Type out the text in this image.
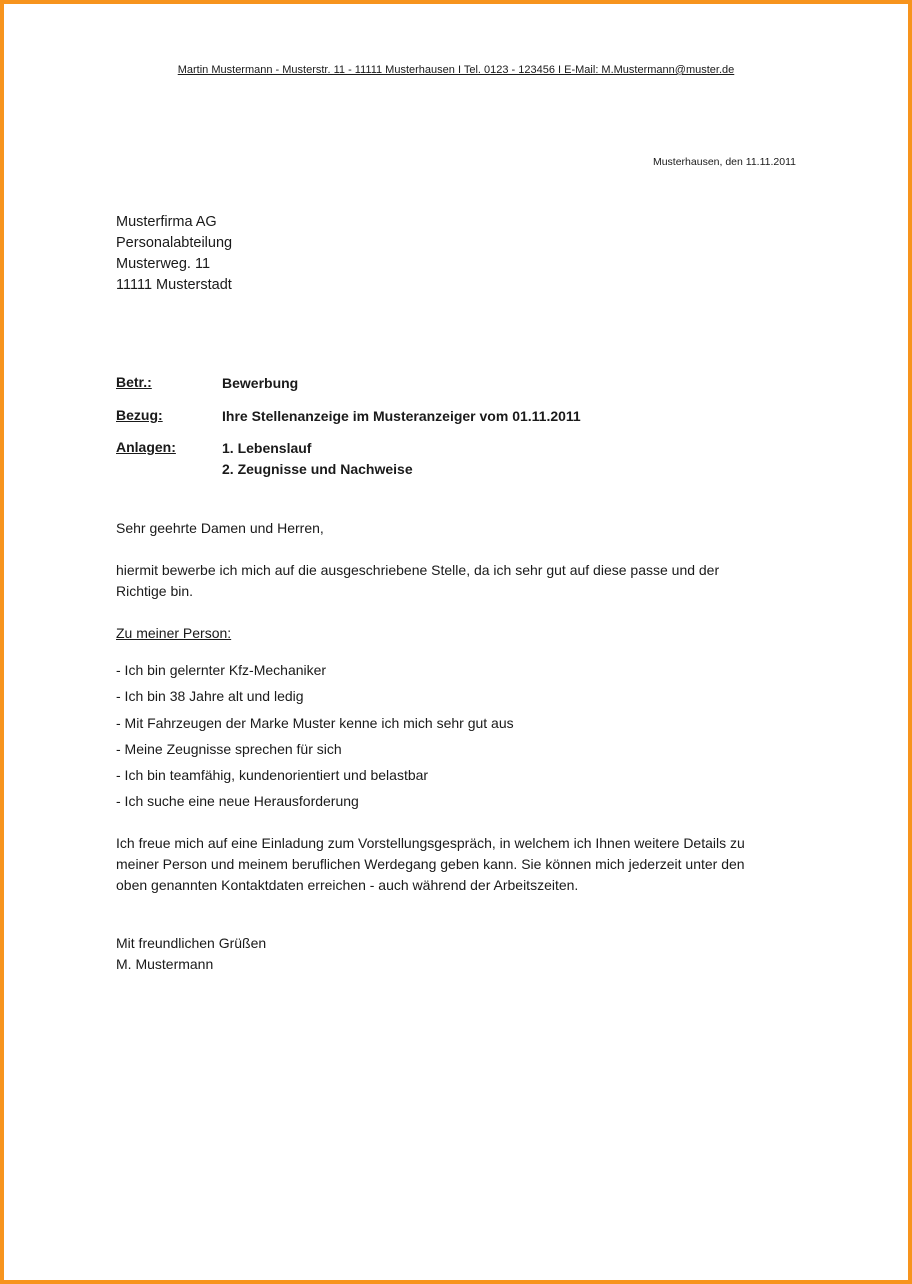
Martin Mustermann - Musterstr. 11 - 11111 Musterhausen I Tel. 0123 - 123456 I E-Mail: M.Mustermann@muster.de
Musterhausen, den 11.11.2011
Musterfirma AG
Personalabteilung
Musterweg. 11
11111 Musterstadt
Betr.:	Bewerbung
Bezug:	Ihre Stellenanzeige im Musteranzeiger vom 01.11.2011
Anlagen:	1. Lebenslauf
2. Zeugnisse und Nachweise
Sehr geehrte Damen und Herren,
hiermit bewerbe ich mich auf die ausgeschriebene Stelle, da ich sehr gut auf diese passe und der
Richtige bin.
Zu meiner Person:
- Ich bin gelernter Kfz-Mechaniker
- Ich bin 38 Jahre alt und ledig
- Mit Fahrzeugen der Marke Muster kenne ich mich sehr gut aus
- Meine Zeugnisse sprechen für sich
- Ich bin teamfähig, kundenorientiert und belastbar
- Ich suche eine neue Herausforderung
Ich freue mich auf eine Einladung zum Vorstellungsgespräch, in welchem ich Ihnen weitere Details zu
meiner Person und meinem beruflichen Werdegang geben kann. Sie können mich jederzeit unter den
oben genannten Kontaktdaten erreichen - auch während der Arbeitszeiten.
Mit freundlichen Grüßen
M. Mustermann
